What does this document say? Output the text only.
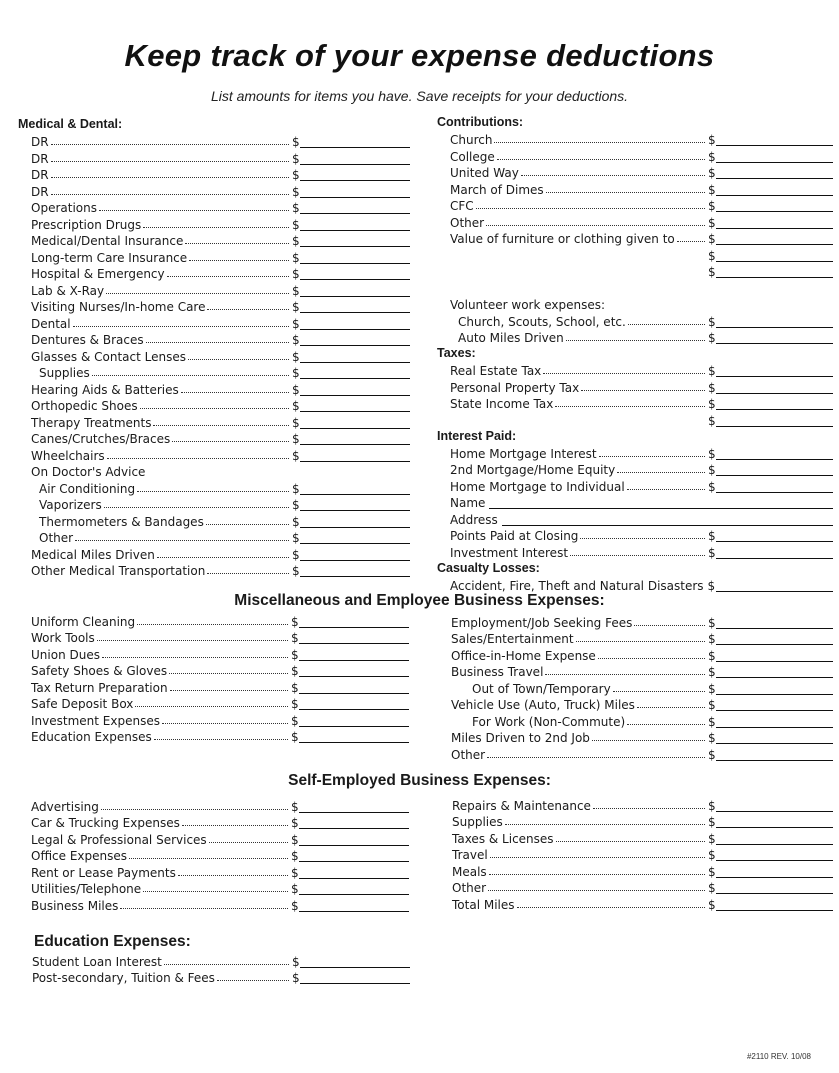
Keep track of your expense deductions
List amounts for items you have. Save receipts for your deductions.
Medical & Dental:
DR	$
DR	$
DR	$
DR	$
Operations	$
Prescription Drugs	$
Medical/Dental Insurance	$
Long-term Care Insurance	$
Hospital & Emergency	$
Lab & X-Ray	$
Visiting Nurses/In-home Care	$
Dental	$
Dentures & Braces	$
Glasses & Contact Lenses	$
Supplies	$
Hearing Aids & Batteries	$
Orthopedic Shoes	$
Therapy Treatments	$
Canes/Crutches/Braces	$
Wheelchairs	$
On Doctor's Advice
Air Conditioning	$
Vaporizers	$
Thermometers & Bandages	$
Other	$
Medical Miles Driven	$
Other Medical Transportation	$
Contributions:
Church	$
College	$
United Way	$
March of Dimes	$
CFC	$
Other	$
Value of furniture or clothing given to	$
$
$
Volunteer work expenses:
Church, Scouts, School, etc.	$
Auto Miles Driven	$
Taxes:
Real Estate Tax	$
Personal Property Tax	$
State Income Tax	$
$
Interest Paid:
Home Mortgage Interest	$
2nd Mortgage/Home Equity	$
Home Mortgage to Individual	$
Name
Address
Points Paid at Closing	$
Investment Interest	$
Casualty Losses:
Accident, Fire, Theft and Natural Disasters $
Miscellaneous and Employee Business Expenses:
Uniform Cleaning	$
Work Tools	$
Union Dues	$
Safety Shoes & Gloves	$
Tax Return Preparation	$
Safe Deposit Box	$
Investment Expenses	$
Education Expenses	$
Employment/Job Seeking Fees	$
Sales/Entertainment	$
Office-in-Home Expense	$
Business Travel	$
Out of Town/Temporary	$
Vehicle Use (Auto, Truck) Miles	$
For Work (Non-Commute)	$
Miles Driven to 2nd Job	$
Other	$
Self-Employed Business Expenses:
Advertising	$
Car & Trucking Expenses	$
Legal & Professional Services	$
Office Expenses	$
Rent or Lease Payments	$
Utilities/Telephone	$
Business Miles	$
Repairs & Maintenance	$
Supplies	$
Taxes & Licenses	$
Travel	$
Meals	$
Other	$
Total Miles	$
Education Expenses:
Student Loan Interest	$
Post-secondary, Tuition & Fees	$
#2110 REV. 10/08
